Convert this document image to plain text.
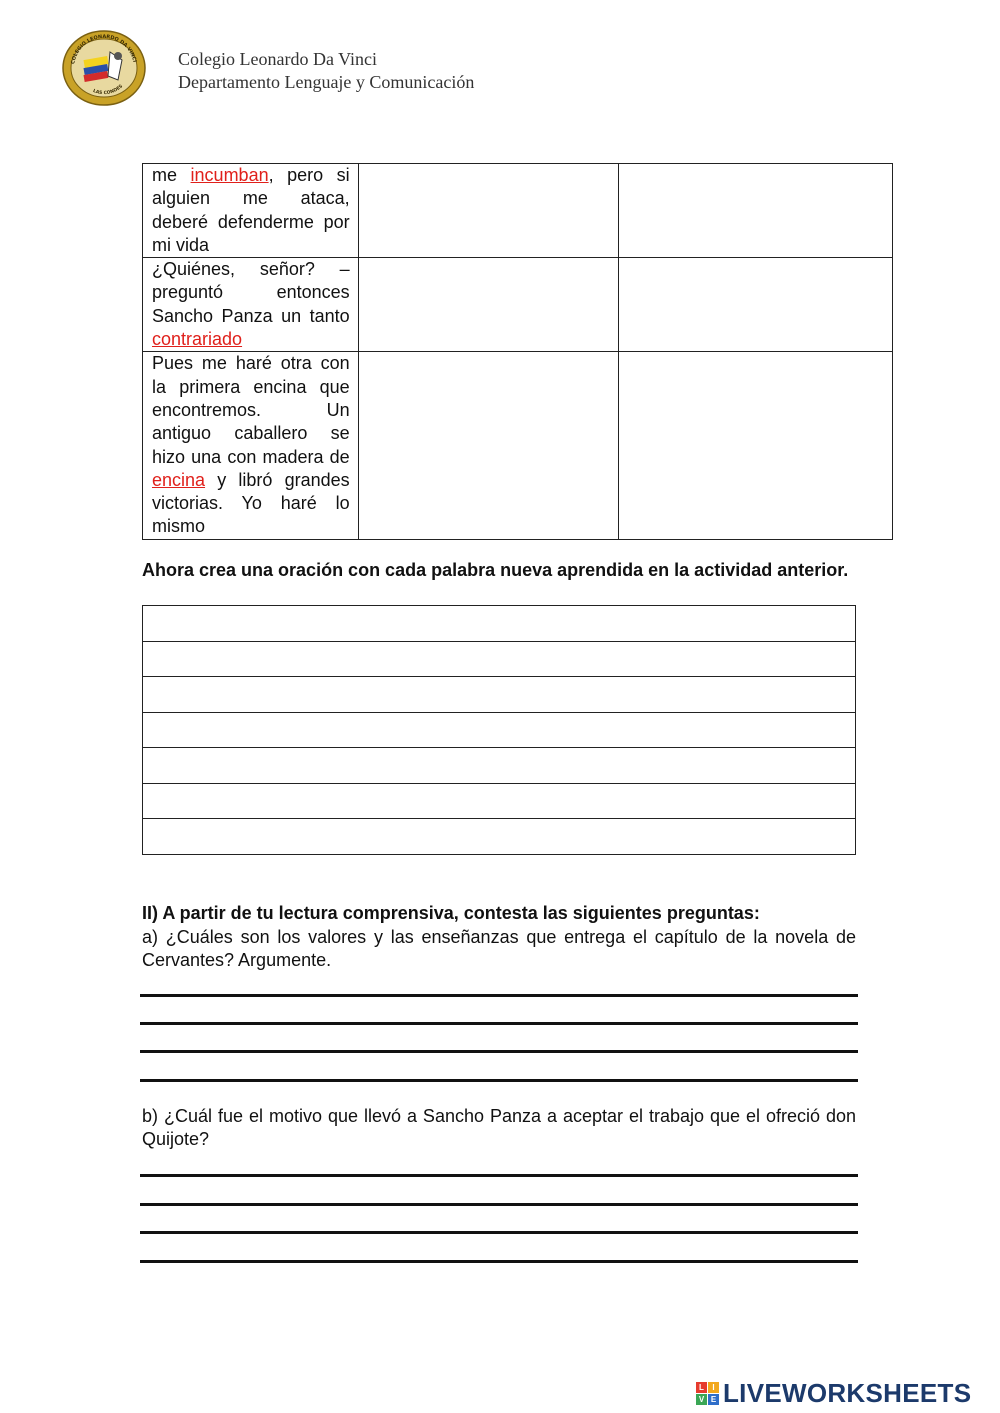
COLEGIO LEONARDO DA VINCI
LAS CONDES
Colegio Leonardo Da Vinci
Departamento Lenguaje y Comunicación
me incumban, pero si alguien me ataca, deberé defenderme por mi vida		
¿Quiénes, señor? –preguntó entonces Sancho Panza un tanto contrariado		
Pues me haré otra con la primera encina que encontremos. Un antiguo caballero se hizo una con madera de encina y libró grandes victorias. Yo haré lo mismo		
Ahora crea una oración con cada palabra nueva aprendida en la actividad anterior.

II) A partir de tu lectura comprensiva, contesta las siguientes preguntas:
a) ¿Cuáles son los valores y las enseñanzas que entrega el capítulo de la novela de Cervantes? Argumente.
b) ¿Cuál fue el motivo que llevó a Sancho Panza a aceptar el trabajo que el ofreció don Quijote?
L	I
V E LIVEWORKSHEETS
